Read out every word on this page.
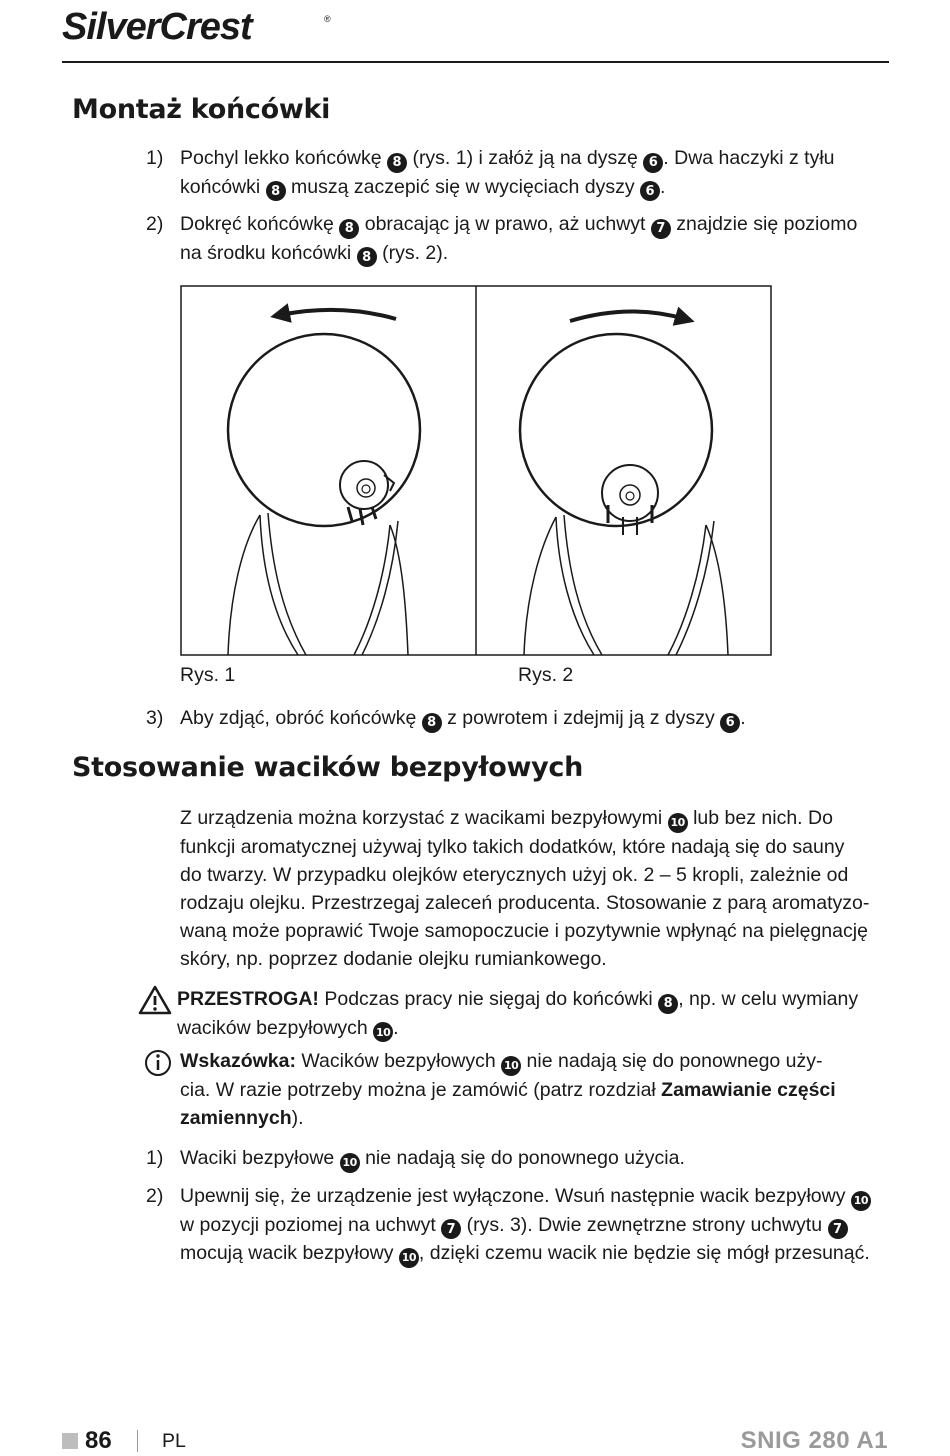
SilverCrest	®
Montaż końcówki
1) Pochyl lekko końcówkę 8 (rys. 1) i załóż ją na dyszę 6 . Dwa haczyki z tyłu
końcówki 8 muszą zaczepić się w wycięciach dyszy 6 .
2) Dokręć końcówkę 8 obracając ją w prawo, aż uchwyt 7 znajdzie się poziomo
na środku końcówki 8 (rys. 2).
Rys. 1	Rys. 2
3) Aby zdjąć, obróć końcówkę 8 z powrotem i zdejmij ją z dyszy 6 .
Stosowanie wacików bezpyłowych
Z urządzenia można korzystać z wacikami bezpyłowymi 10 lub bez nich. Do
funkcji aromatycznej używaj tylko takich dodatków, które nadają się do sauny
do twarzy. W przypadku olejków eterycznych użyj ok. 2 – 5 kropli, zależnie od
rodzaju olejku. Przestrzegaj zaleceń producenta. Stosowanie z parą aromatyzo-
waną może poprawić Twoje samopoczucie i pozytywnie wpłynąć na pielęgnację
skóry, np. poprzez dodanie olejku rumiankowego.
PRZESTROGA! Podczas pracy nie sięgaj do końcówki 8 , np. w celu wymiany
wacików bezpyłowych 10 .
Wskazówka: Wacików bezpyłowych 10 nie nadają się do ponownego uży-
cia. W razie potrzeby można je zamówić (patrz rozdział Zamawianie części
zamiennych).
1) Waciki bezpyłowe 10 nie nadają się do ponownego użycia.
2) Upewnij się, że urządzenie jest wyłączone. Wsuń następnie wacik bezpyłowy 10
w pozycji poziomej na uchwyt 7 (rys. 3). Dwie zewnętrzne strony uchwytu 7
mocują wacik bezpyłowy 10 , dzięki czemu wacik nie będzie się mógł przesunąć.
86	PL	SNIG 280 A1
